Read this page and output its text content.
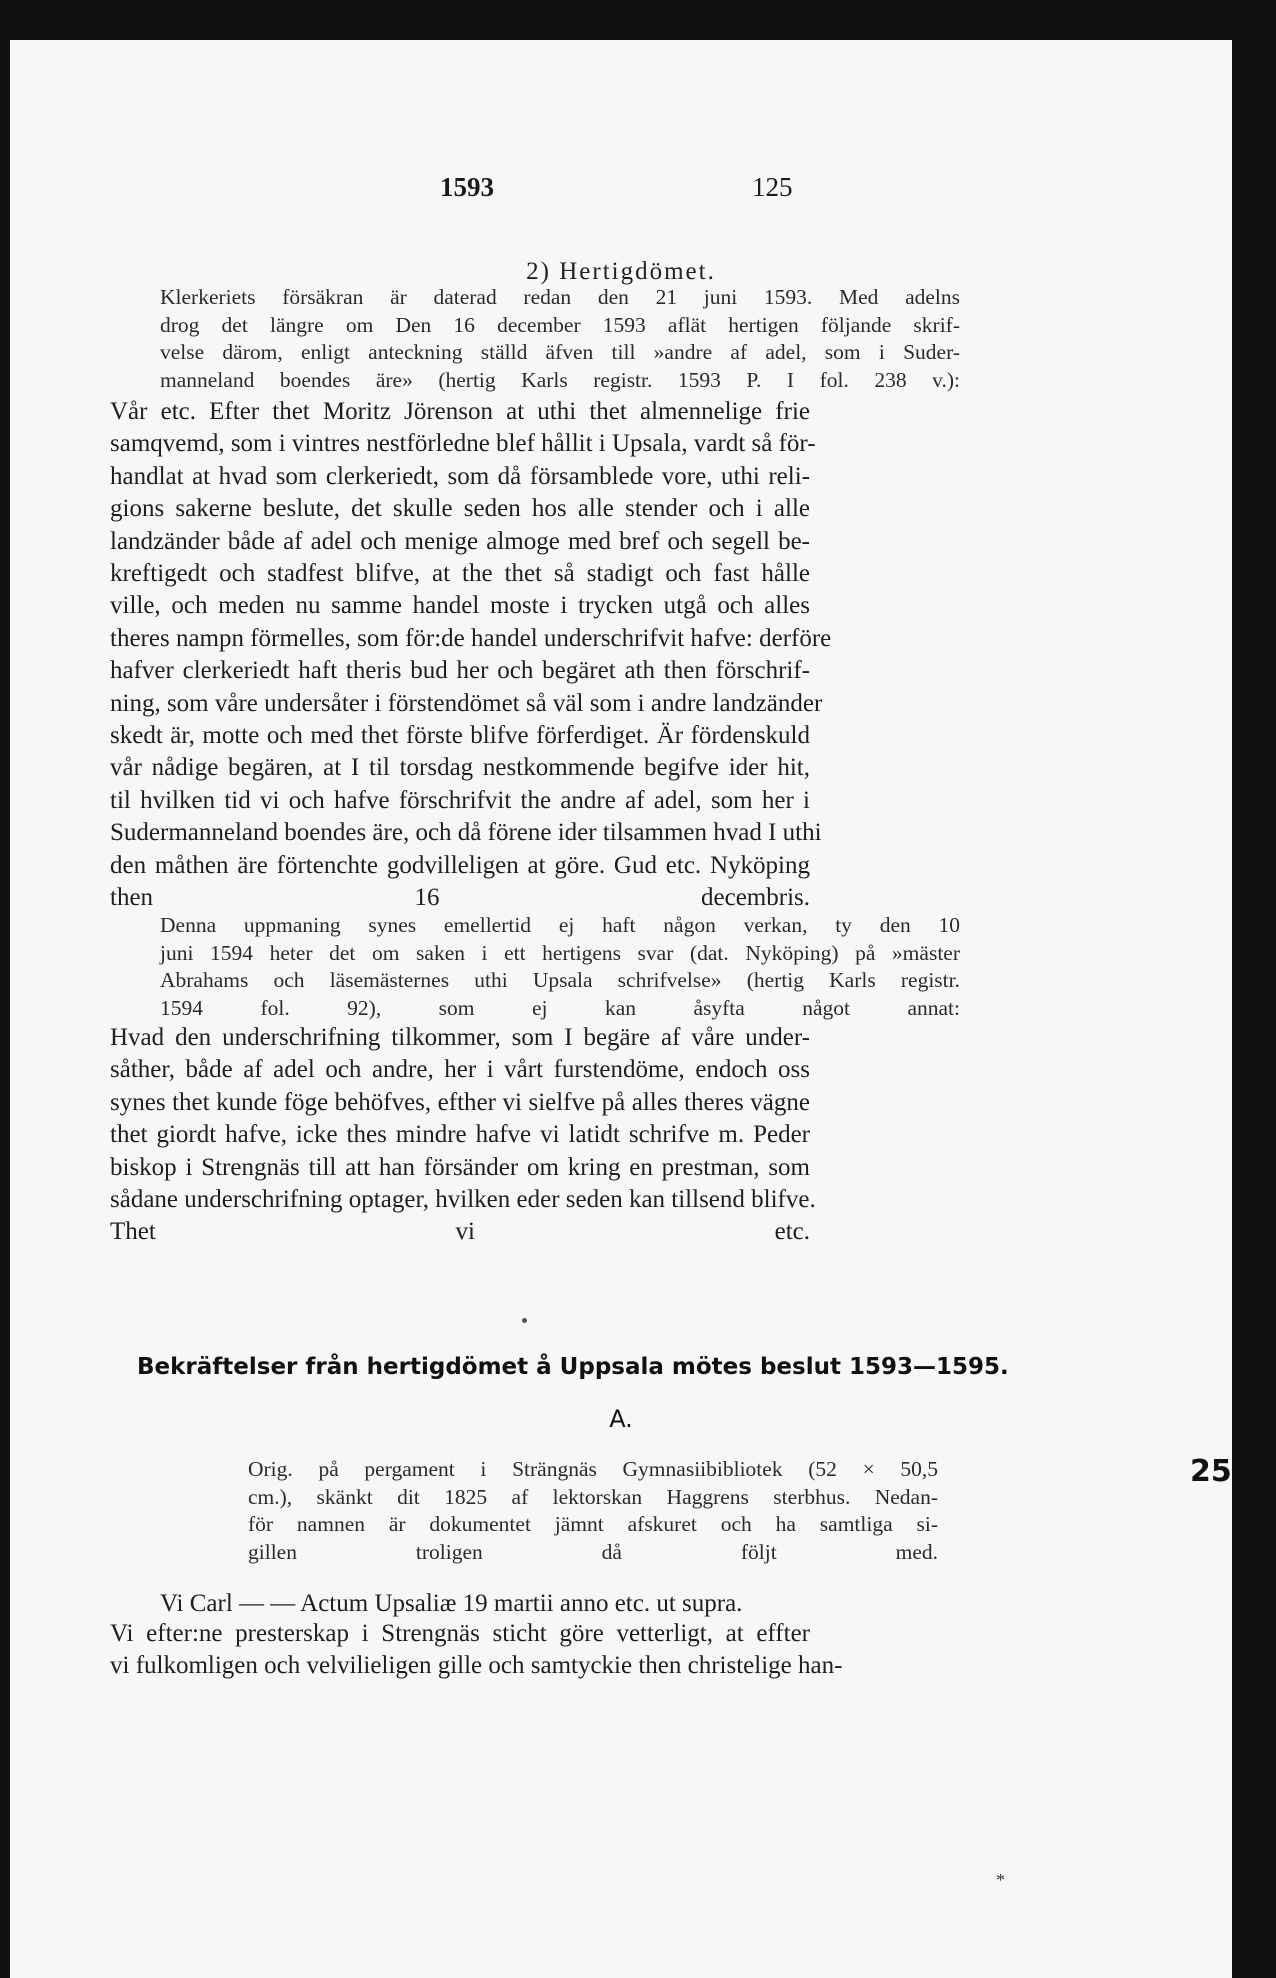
1593	125
2) Hertigdömet.

Klerkeriets försäkran är daterad redan den 21 juni 1593. Med adelns
drog det längre om Den 16 december 1593 aflät hertigen följande skrif-
velse därom, enligt anteckning ställd äfven till »andre af adel, som i Suder-
manneland boendes äre» (hertig Karls registr. 1593 P. I fol. 238 v.):

Vår etc. Efter thet Moritz Jörenson at uthi thet almennelige frie
samqvemd, som i vintres nestförledne blef hållit i Upsala, vardt så för-
handlat at hvad som clerkeriedt, som då församblede vore, uthi reli-
gions sakerne beslute, det skulle seden hos alle stender och i alle
landzänder både af adel och menige almoge med bref och segell be-
kreftigedt och stadfest blifve, at the thet så stadigt och fast hålle
ville, och meden nu samme handel moste i trycken utgå och alles
theres nampn förmelles, som för:de handel underschrifvit hafve: derföre
hafver clerkeriedt haft theris bud her och begäret ath then förschrif-
ning, som våre undersåter i förstendömet så väl som i andre landzänder
skedt är, motte och med thet förste blifve förferdiget. Är fördenskuld
vår nådige begären, at I til torsdag nestkommende begifve ider hit,
til hvilken tid vi och hafve förschrifvit the andre af adel, som her i
Sudermanneland boendes äre, och då förene ider tilsammen hvad I uthi
den måthen äre förtenchte godvilleligen at göre. Gud etc. Nyköping
then 16 decembris.

Denna uppmaning synes emellertid ej haft någon verkan, ty den 10
juni 1594 heter det om saken i ett hertigens svar (dat. Nyköping) på »mäster
Abrahams och läsemästernes uthi Upsala schrifvelse» (hertig Karls registr.
1594 fol. 92), som ej kan åsyfta något annat:

Hvad den underschrifning tilkommer, som I begäre af våre under-
såther, både af adel och andre, her i vårt furstendöme, endoch oss
synes thet kunde föge behöfves, efther vi sielfve på alles theres vägne
thet giordt hafve, icke thes mindre hafve vi latidt schrifve m. Peder
biskop i Strengnäs till att han försänder om kring en prestman, som
sådane underschrifning optager, hvilken eder seden kan tillsend blifve.
Thet vi etc.

Bekräftelser från hertigdömet å Uppsala mötes beslut 1593—1595.
A.
25

Orig. på pergament i Strängnäs Gymnasiibibliotek (52 × 50,5
cm.), skänkt dit 1825 af lektorskan Haggrens sterbhus. Nedan-
för namnen är dokumentet jämnt afskuret och ha samtliga si-
gillen troligen då följt med.

Vi Carl — — Actum Upsaliæ 19 martii anno etc. ut supra.

Vi efter:ne presterskap i Strengnäs sticht göre vetterligt, at effter
vi fulkomligen och velvilieligen gille och samtyckie then christelige han-

*
